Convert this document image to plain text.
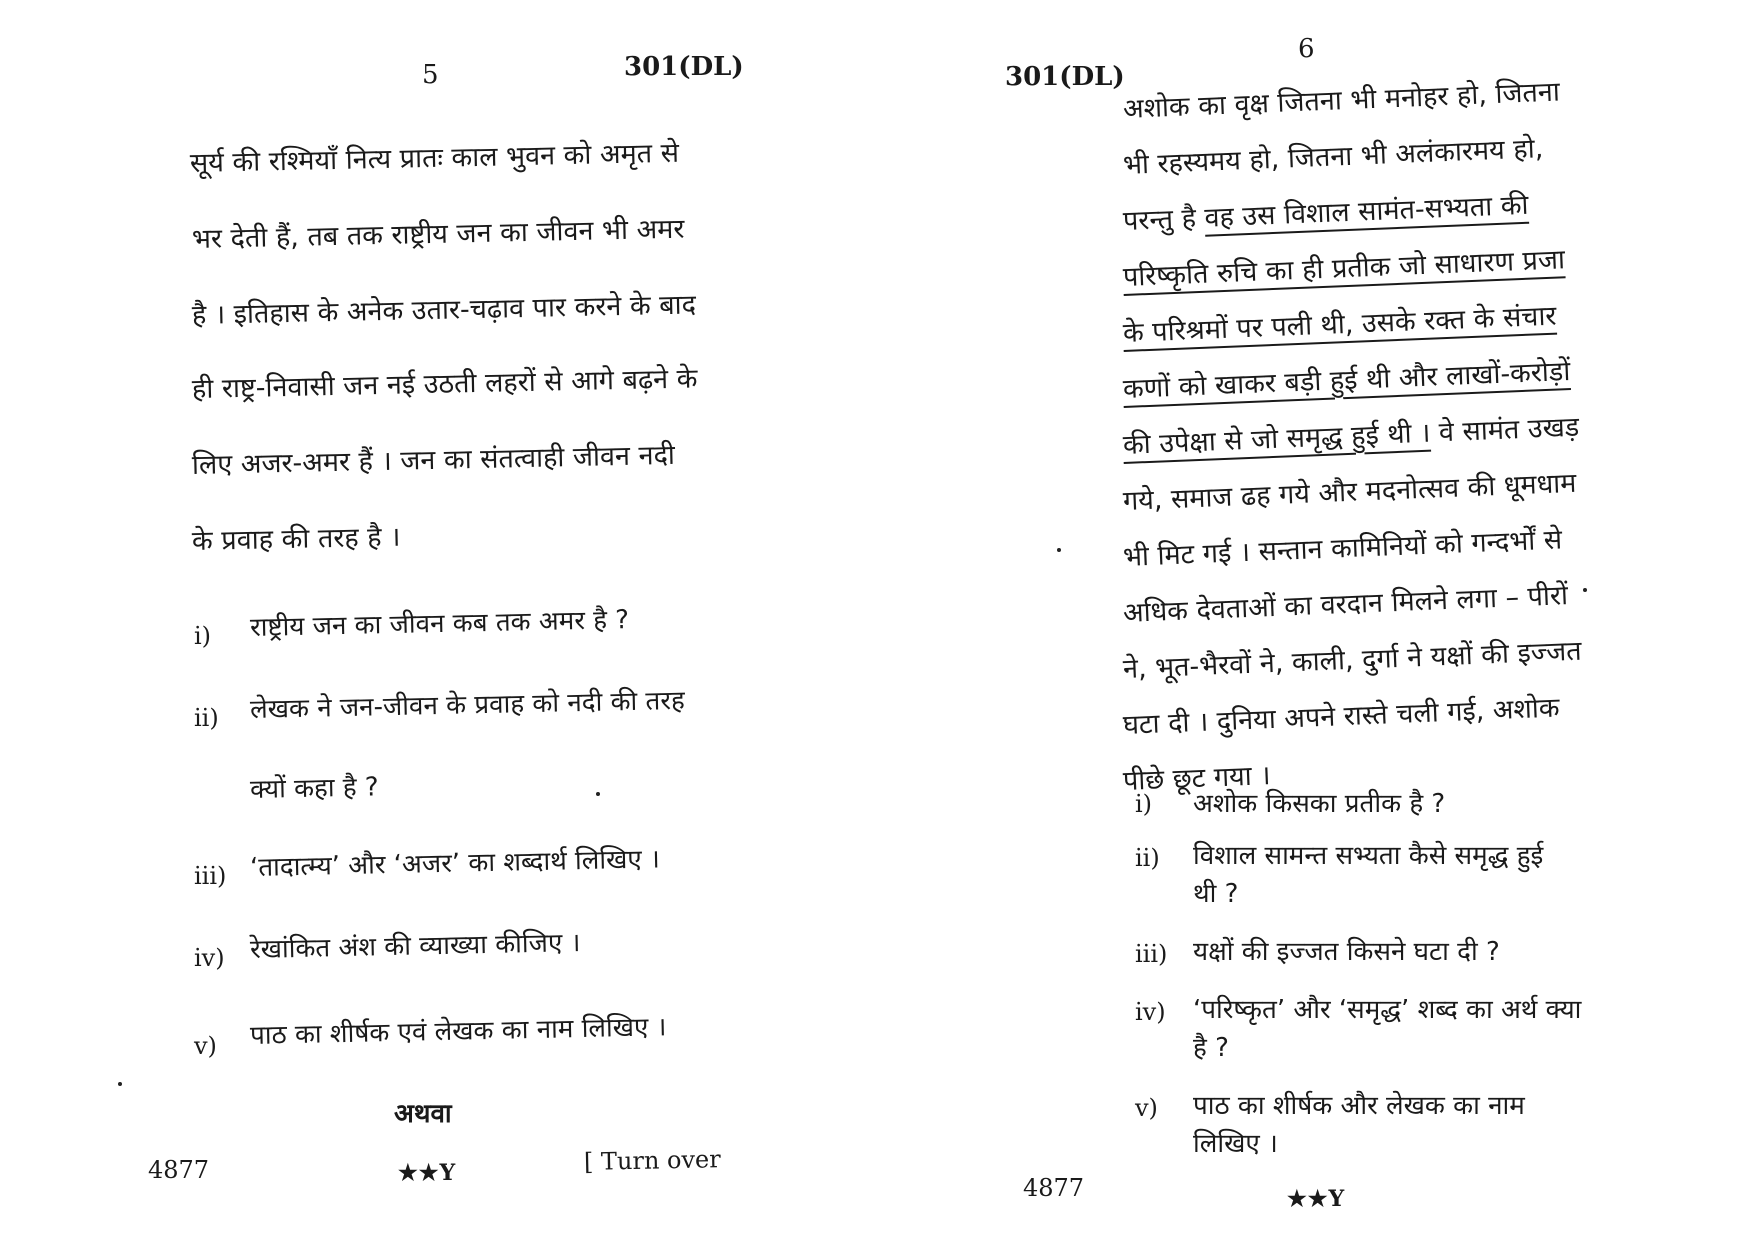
5	301(DL)
सूर्य की रश्मियाँ नित्य प्रातः काल भुवन को अमृत से
भर देती हैं, तब तक राष्ट्रीय जन का जीवन भी अमर
है । इतिहास के अनेक उतार-चढ़ाव पार करने के बाद
ही राष्ट्र-निवासी जन नई उठती लहरों से आगे बढ़ने के
लिए अजर-अमर हैं । जन का संतत्वाही जीवन नदी
के प्रवाह की तरह है ।
i) राष्ट्रीय जन का जीवन कब तक अमर है ?
ii) लेखक ने जन-जीवन के प्रवाह को नदी की तरह
क्यों कहा है ?
iii) ‘तादात्म्य’ और ‘अजर’ का शब्दार्थ लिखिए ।
iv) रेखांकित अंश की व्याख्या कीजिए ।
v) पाठ का शीर्षक एवं लेखक का नाम लिखिए ।
अथवा
4877	★★Y	[ Turn over
6
301(DL)
अशोक का वृक्ष जितना भी मनोहर हो, जितना
भी रहस्यमय हो, जितना भी अलंकारमय हो,
परन्तु है वह उस विशाल सामंत-सभ्यता की
परिष्कृति रुचि का ही प्रतीक जो साधारण प्रजा
के परिश्रमों पर पली थी, उसके रक्त के संचार
कणों को खाकर बड़ी हुई थी और लाखों-करोड़ों
की उपेक्षा से जो समृद्ध हुई थी । वे सामंत उखड़
गये, समाज ढह गये और मदनोत्सव की धूमधाम
भी मिट गई । सन्तान कामिनियों को गन्दर्भों से
अधिक देवताओं का वरदान मिलने लगा – पीरों
ने, भूत-भैरवों ने, काली, दुर्गा ने यक्षों की इज्जत
घटा दी । दुनिया अपने रास्ते चली गई, अशोक
पीछे छूट गया ।
i) अशोक किसका प्रतीक है ?
ii) विशाल सामन्त सभ्यता कैसे समृद्ध हुई
थी ?
iii) यक्षों की इज्जत किसने घटा दी ?
iv) ‘परिष्कृत’ और ‘समृद्ध’ शब्द का अर्थ क्या
है ?
v) पाठ का शीर्षक और लेखक का नाम
लिखिए ।
4877	★★Y
